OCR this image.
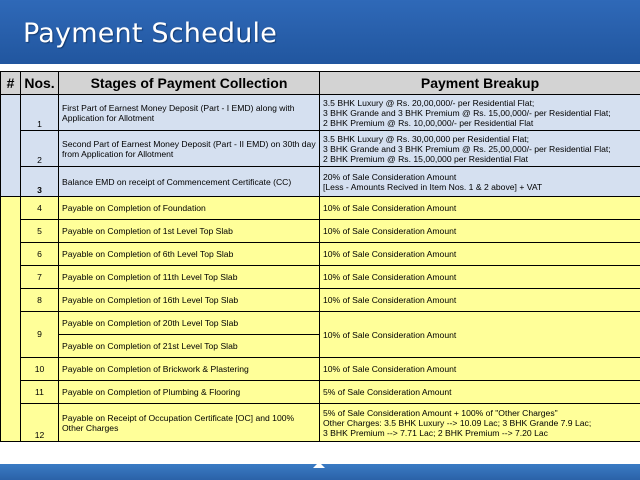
Payment Schedule
#	Nos.	Stages of Payment Collection	Payment Breakup
	1	First Part of Earnest Money Deposit (Part - I EMD) along with Application for Allotment	3.5 BHK Luxury @ Rs. 20,00,000/- per Residential Flat;
3 BHK Grande and 3 BHK Premium @ Rs. 15,00,000/- per Residential Flat;
2 BHK Premium @ Rs. 10,00,000/- per Residential Flat

	2	Second Part of Earnest Money Deposit (Part - II EMD) on 30th day from Application for Allotment	3.5 BHK Luxury @ Rs. 30,00,000 per Residential Flat;
3 BHK Grande and 3 BHK Premium @ Rs. 25,00,000/- per Residential Flat;
2 BHK Premium @ Rs. 15,00,000 per Residential Flat

	3	Balance EMD on receipt of Commencement Certificate (CC)	20% of Sale Consideration Amount
[Less - Amounts Recived in Item Nos. 1 & 2 above] + VAT

	4	Payable on Completion of Foundation	10% of Sale Consideration Amount
	5	Payable on Completion of 1st Level Top Slab	10% of Sale Consideration Amount
	6	Payable on Completion of 6th Level Top Slab	10% of Sale Consideration Amount
	7	Payable on Completion of 11th Level Top Slab	10% of Sale Consideration Amount
	8	Payable on Completion of 16th Level Top Slab	10% of Sale Consideration Amount
	9	Payable on Completion of 20th Level Top Slab	10% of Sale Consideration Amount
		Payable on Completion of 21st Level Top Slab	
	10	Payable on Completion of Brickwork & Plastering	10% of Sale Consideration Amount
	11	Payable on Completion of Plumbing & Flooring	5% of Sale Consideration Amount
	12	Payable on Receipt of Occupation Certificate [OC] and 100% Other Charges	5% of Sale Consideration Amount + 100% of "Other Charges"
Other Charges: 3.5 BHK Luxury --> 10.09 Lac; 3 BHK Grande 7.9 Lac;
3 BHK Premium --> 7.71 Lac; 2 BHK Premium --> 7.20 Lac
